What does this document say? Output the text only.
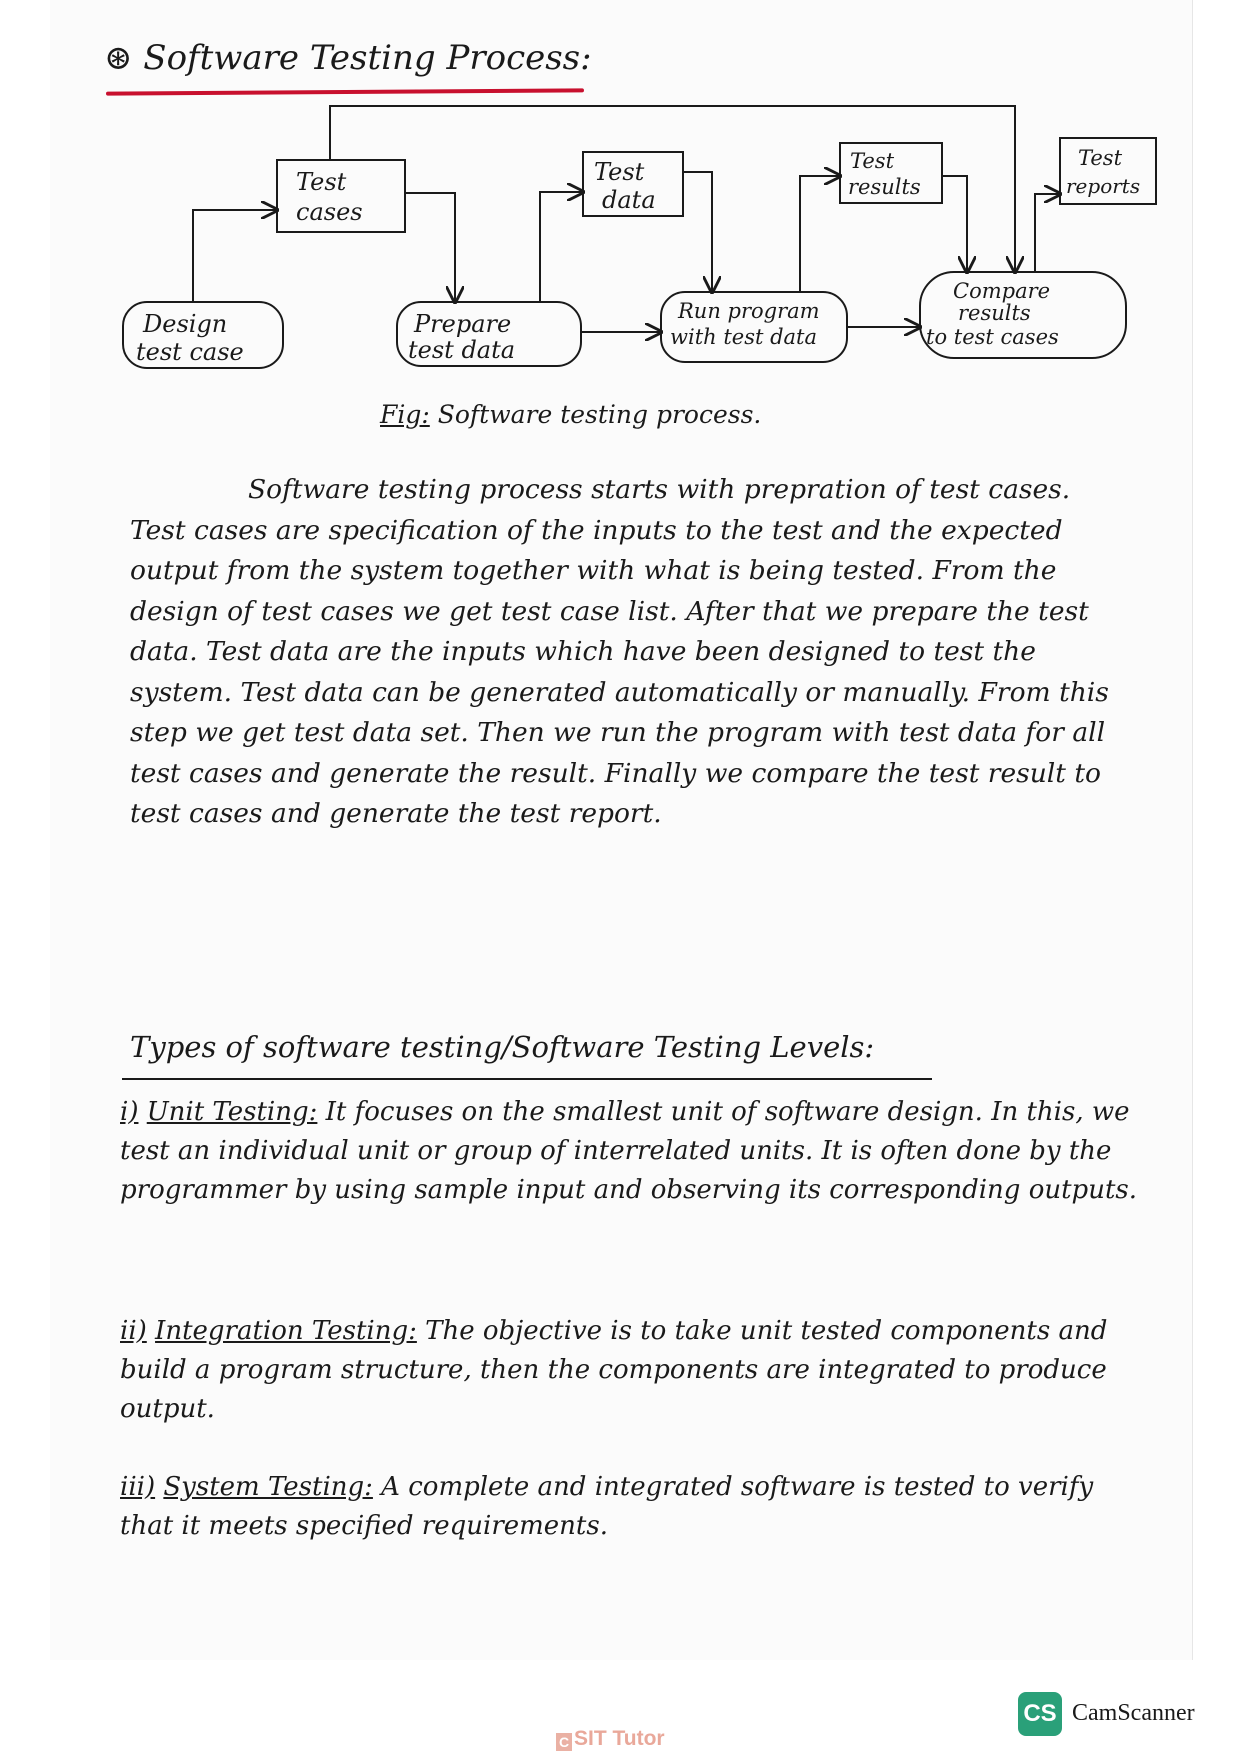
⊛ Software Testing Process:
Test
cases
Test
data
Test
results
Test
reports
Design
test case
Prepare
test data
Run program
with test data
Compare
results
to test cases
Fig: Software testing process.

Software testing process starts with prepration of test cases. Test cases are specification of the inputs to the test and the expected output from the system together with what is being tested. From the design of test cases we get test case list. After that we prepare the test data. Test data are the inputs which have been designed to test the system. Test data can be generated automatically or manually. From this step we get test data set. Then we run the program with test data for all test cases and generate the result. Finally we compare the test result to test cases and generate the test report.

Types of software testing/Software Testing Levels:

i) Unit Testing: It focuses on the smallest unit of software design. In this, we test an individual unit or group of interrelated units. It is often done by the programmer by using sample input and observing its corresponding outputs.

ii) Integration Testing: The objective is to take unit tested components and build a program structure, then the components are integrated to produce output.

iii) System Testing: A complete and integrated software is tested to verify that it meets specified requirements.

CS CamScanner
C SIT Tutor
